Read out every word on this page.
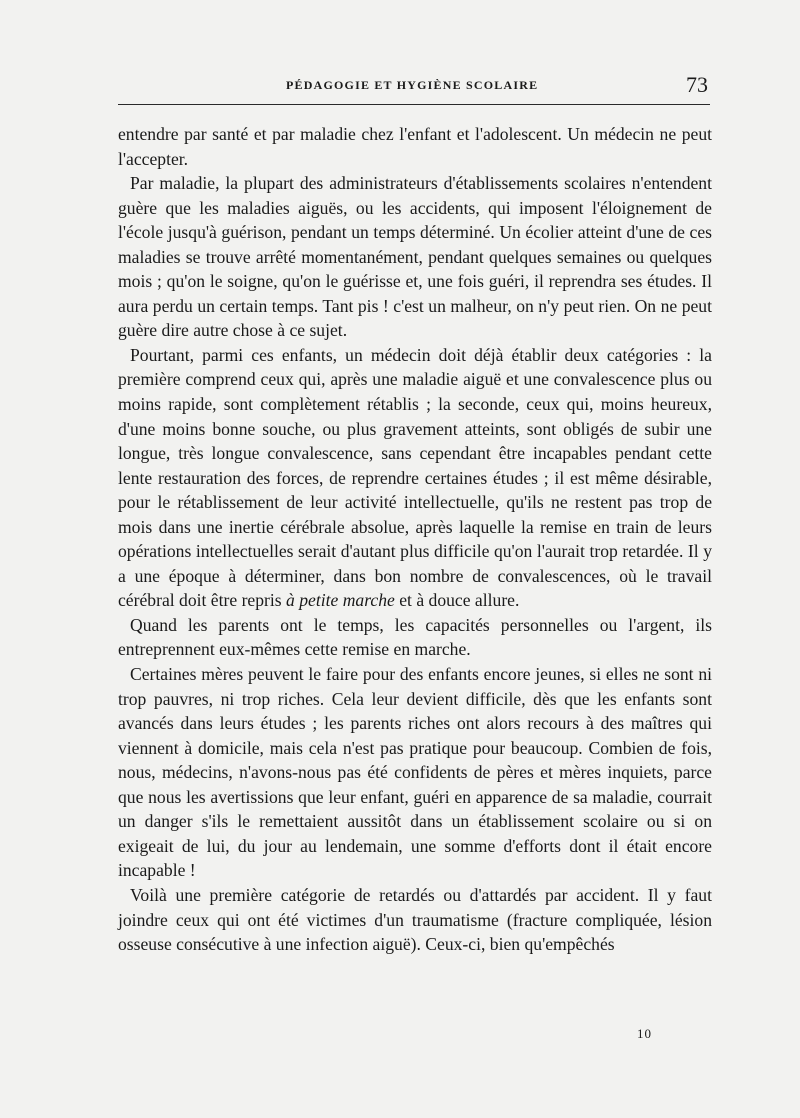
PÉDAGOGIE ET HYGIÈNE SCOLAIRE	73

entendre par santé et par maladie chez l'enfant et l'adolescent. Un médecin ne peut l'accepter.

Par maladie, la plupart des administrateurs d'établissements scolaires n'entendent guère que les maladies aiguës, ou les accidents, qui imposent l'éloignement de l'école jusqu'à guérison, pendant un temps déterminé. Un écolier atteint d'une de ces maladies se trouve arrêté momentanément, pendant quelques semaines ou quelques mois ; qu'on le soigne, qu'on le guérisse et, une fois guéri, il reprendra ses études. Il aura perdu un certain temps. Tant pis ! c'est un malheur, on n'y peut rien. On ne peut guère dire autre chose à ce sujet.

Pourtant, parmi ces enfants, un médecin doit déjà établir deux catégories : la première comprend ceux qui, après une maladie aiguë et une convalescence plus ou moins rapide, sont complètement rétablis ; la seconde, ceux qui, moins heureux, d'une moins bonne souche, ou plus gravement atteints, sont obligés de subir une longue, très longue convalescence, sans cependant être incapables pendant cette lente restauration des forces, de reprendre certaines études ; il est même désirable, pour le rétablissement de leur activité intellectuelle, qu'ils ne restent pas trop de mois dans une inertie cérébrale absolue, après laquelle la remise en train de leurs opérations intellectuelles serait d'autant plus difficile qu'on l'aurait trop retardée. Il y a une époque à déterminer, dans bon nombre de convalescences, où le travail cérébral doit être repris à petite marche et à douce allure.

Quand les parents ont le temps, les capacités personnelles ou l'argent, ils entreprennent eux-mêmes cette remise en marche.

Certaines mères peuvent le faire pour des enfants encore jeunes, si elles ne sont ni trop pauvres, ni trop riches. Cela leur devient difficile, dès que les enfants sont avancés dans leurs études ; les parents riches ont alors recours à des maîtres qui viennent à domicile, mais cela n'est pas pratique pour beaucoup. Combien de fois, nous, médecins, n'avons-nous pas été confidents de pères et mères inquiets, parce que nous les avertissions que leur enfant, guéri en apparence de sa maladie, courrait un danger s'ils le remettaient aussitôt dans un établissement scolaire ou si on exigeait de lui, du jour au lendemain, une somme d'efforts dont il était encore incapable !

Voilà une première catégorie de retardés ou d'attardés par accident. Il y faut joindre ceux qui ont été victimes d'un traumatisme (fracture compliquée, lésion osseuse consécutive à une infection aiguë). Ceux-ci, bien qu'empêchés

10
